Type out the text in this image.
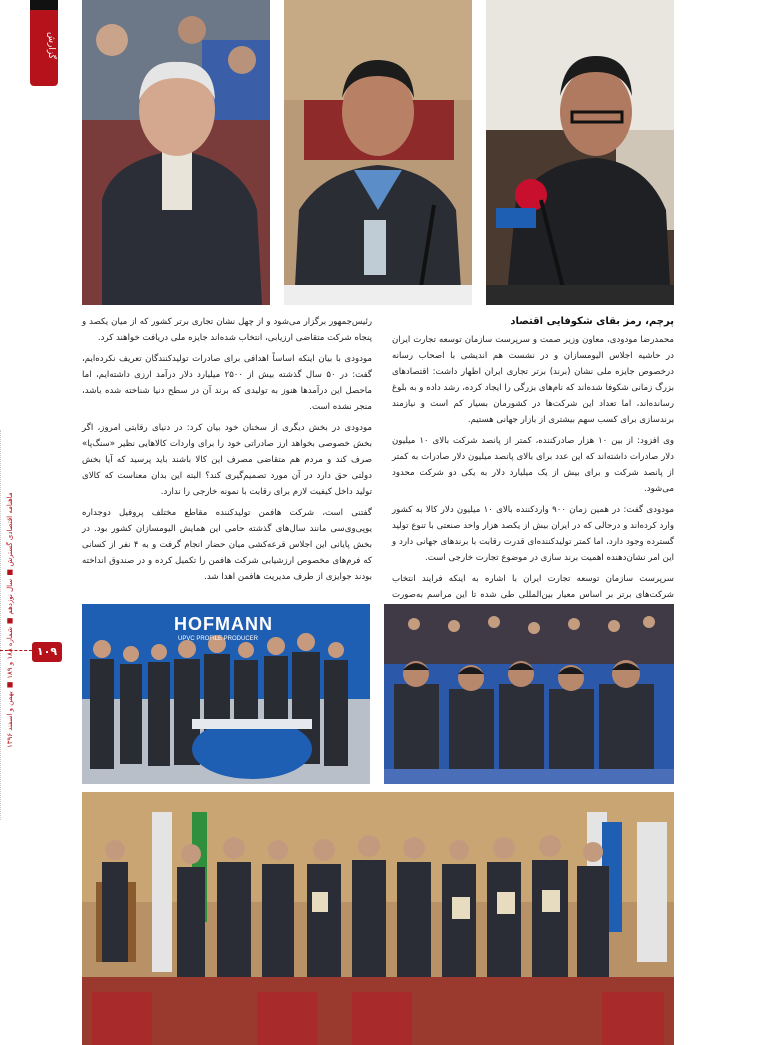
گزارش
ماهنامه اقتصادی گسترش ■ سال نوزدهم ■ شماره ۱۸۸ و ۱۸۹ ■ بهمن و اسفند ۱۳۹۶
۱۰۹
پرچم، رمز بقای شکوفایی اقتصاد

محمدرضا مودودی، معاون وزیر صمت و سرپرست سازمان توسعه تجارت ایران در حاشیه اجلاس الیومسازان و در نشست هم اندیشی با اصحاب رسانه درخصوص جایزه ملی نشان (برند) برتر تجاری ایران اظهار داشت: اقتصادهای بزرگ زمانی شکوفا شده‌اند که نام‌های بزرگی را ایجاد کرده، رشد داده و به بلوغ رسانده‌اند، اما تعداد این شرکت‌ها در کشورمان بسیار کم است و نیازمند برندسازی برای کسب سهم بیشتری از بازار جهانی هستیم.

وی افزود: از بین ۱۰ هزار صادرکننده، کمتر از پانصد شرکت بالای ۱۰ میلیون دلار صادرات داشته‌اند که این عدد برای بالای پانصد میلیون دلار صادرات به کمتر از پانصد شرکت و برای بیش از یک میلیارد دلار به یکی دو شرکت محدود می‌شود.

مودودی گفت: در همین زمان ۹۰۰ واردکننده بالای ۱۰ میلیون دلار کالا به کشور وارد کرده‌اند و درحالی که در ایران بیش از یکصد هزار واحد صنعتی با تنوع تولید گسترده وجود دارد، اما کمتر تولیدکننده‌ای قدرت رقابت با برندهای جهانی دارد و این امر نشان‌دهنده اهمیت برند سازی در موضوع تجارت خارجی است.

سرپرست سازمان توسعه تجارت ایران با اشاره به اینکه فرایند انتخاب شرکت‌های برتر بر اساس معیار بین‌المللی طی شده تا این مراسم به‌صورت

رئیس‌جمهور برگزار می‌شود و از چهل نشان تجاری برتر کشور که از میان یکصد و پنجاه شرکت متقاضی ارزیابی، انتخاب شده‌اند جایزه ملی دریافت خواهند کرد.

مودودی با بیان اینکه اساساً اهدافی برای صادرات تولیدکنندگان تعریف نکرده‌ایم، گفت: در ۵۰ سال گذشته بیش از ۲۵۰۰ میلیارد دلار درآمد ارزی داشته‌ایم، اما ماحصل این درآمدها هنوز به تولیدی که برند آن در سطح دنیا شناخته شده باشد، منجر نشده است.

مودودی در بخش دیگری از سخنان خود بیان کرد: در دنیای رقابتی امروز، اگر بخش خصوصی بخواهد ارز صادراتی خود را برای واردات کالاهایی نظیر «سنگ‌پا» صرف کند و مردم هم متقاضی مصرف این کالا باشند باید پرسید که آیا بخش دولتی حق دارد در آن مورد تصمیم‌گیری کند؟ البته این بدان معناست که کالای تولید داخل کیفیت لازم برای رقابت با نمونه خارجی را ندارد.

گفتنی است، شرکت هافمن تولیدکننده مقاطع مختلف پروفیل دوجداره یوپی‌وی‌سی مانند سال‌های گذشته حامی این همایش الیومسازان کشور بود. در بخش پایانی این اجلاس قرعه‌کشی میان حضار انجام گرفت و به ۴ نفر از کسانی که فرم‌های مخصوص ارزشیابی شرکت هافمن را تکمیل کرده و در صندوق انداخته بودند جوایزی از طرف مدیریت هافمن اهدا شد.

HOFMANN
UPVC PROFILE PRODUCER
